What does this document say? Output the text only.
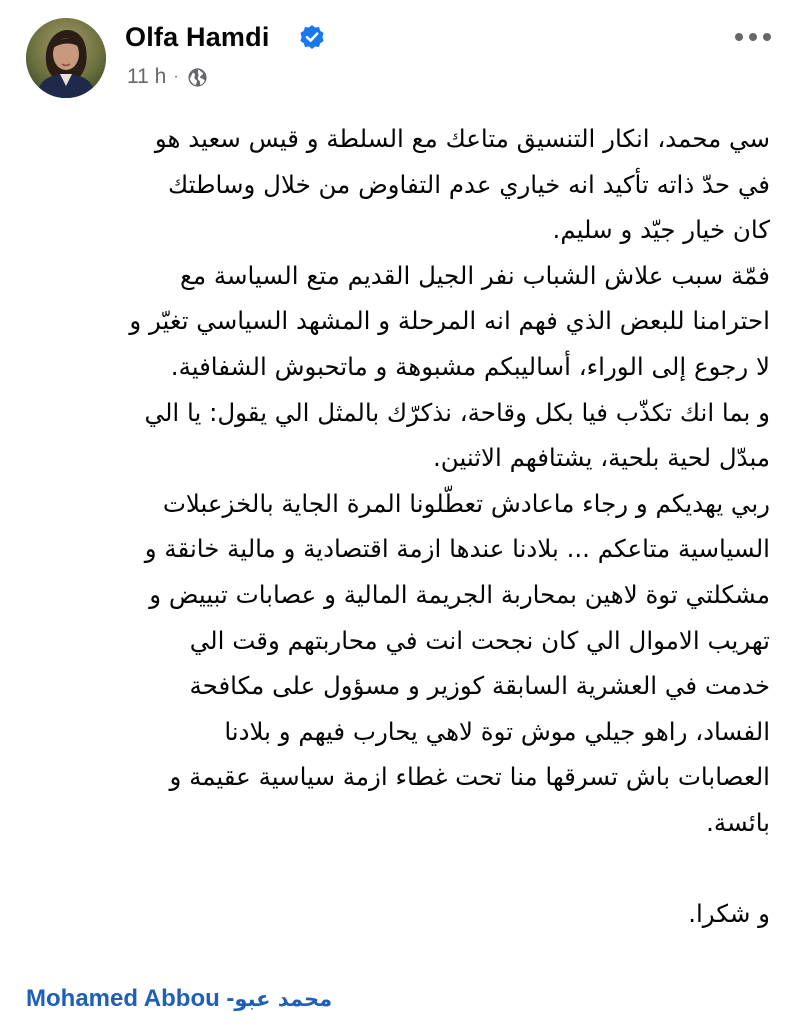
Olfa Hamdi
11 h ·
سي محمد، انكار التنسيق متاعك مع السلطة و قيس سعيد هو
في حدّ ذاته تأكيد انه خياري عدم التفاوض من خلال وساطتك
كان خيار جيّد و سليم.
فمّة سبب علاش الشباب نفر الجيل القديم متع السياسة مع
احترامنا للبعض الذي فهم انه المرحلة و المشهد السياسي تغيّر و
لا رجوع إلى الوراء، أساليبكم مشبوهة و ماتحبوش الشفافية.
و بما انك تكذّب فيا بكل وقاحة، نذكرّك بالمثل الي يقول: يا الي
مبدّل لحية بلحية، يشتافهم الاثنين.
ربي يهديكم و رجاء ماعادش تعطّلونا المرة الجاية بالخزعبلات
السياسية متاعكم ... بلادنا عندها ازمة اقتصادية و مالية خانقة و
مشكلتي توة لاهين بمحاربة الجريمة المالية و عصابات تبييض و
تهريب الاموال الي كان نجحت انت في محاربتهم وقت الي
خدمت في العشرية السابقة كوزير و مسؤول على مكافحة
الفساد، راهو جيلي موش توة لاهي يحارب فيهم و بلادنا
العصابات باش تسرقها منا تحت غطاء ازمة سياسية عقيمة و
بائسة.
و شكرا.
Mohamed Abbou - محمد عبو
